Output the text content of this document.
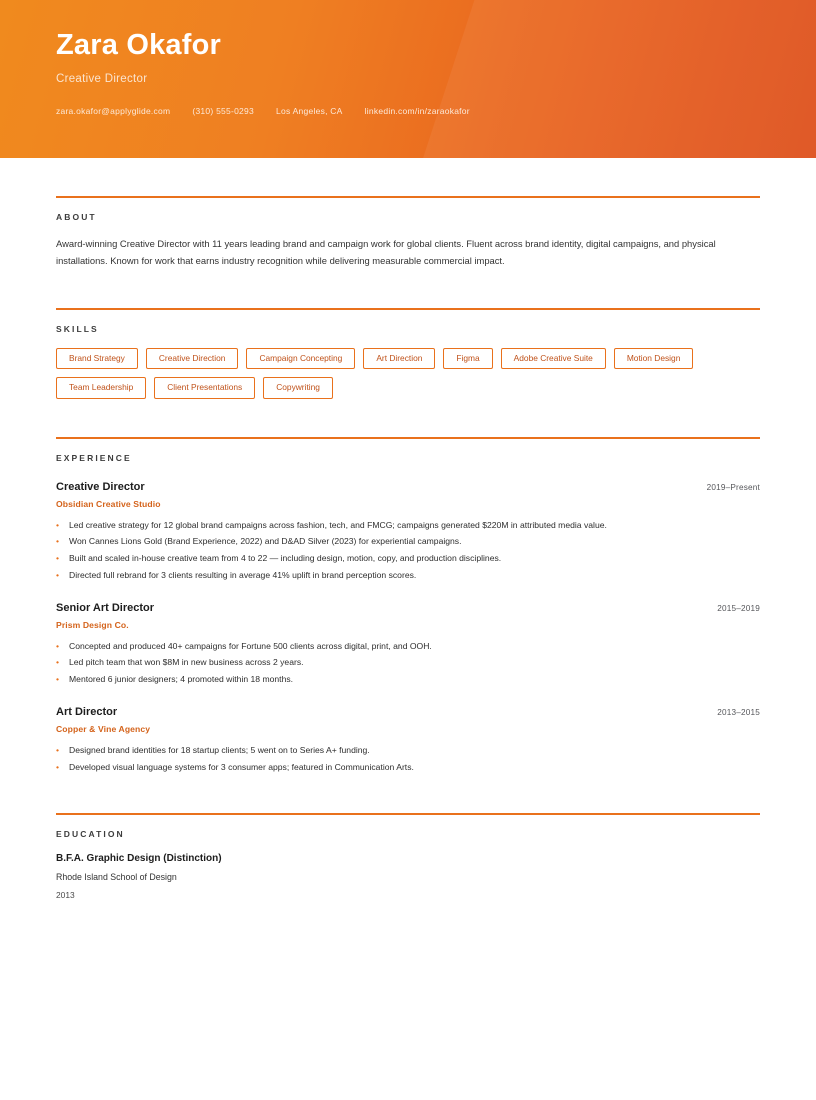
Zara Okafor
Creative Director
zara.okafor@applyglide.com	(310) 555-0293	Los Angeles, CA	linkedin.com/in/zaraokafor
ABOUT
Award-winning Creative Director with 11 years leading brand and campaign work for global clients. Fluent across brand identity, digital campaigns, and physical installations. Known for work that earns industry recognition while delivering measurable commercial impact.
SKILLS
Brand Strategy	Creative Direction	Campaign Concepting	Art Direction	Figma	Adobe Creative Suite	Motion Design
Team Leadership	Client Presentations	Copywriting
EXPERIENCE
Creative Director	2019–Present
Obsidian Creative Studio
•	Led creative strategy for 12 global brand campaigns across fashion, tech, and FMCG; campaigns generated $220M in attributed media value.
•	Won Cannes Lions Gold (Brand Experience, 2022) and D&AD Silver (2023) for experiential campaigns.
•	Built and scaled in-house creative team from 4 to 22 — including design, motion, copy, and production disciplines.
•	Directed full rebrand for 3 clients resulting in average 41% uplift in brand perception scores.
Senior Art Director	2015–2019
Prism Design Co.
•	Concepted and produced 40+ campaigns for Fortune 500 clients across digital, print, and OOH.
•	Led pitch team that won $8M in new business across 2 years.
•	Mentored 6 junior designers; 4 promoted within 18 months.
Art Director	2013–2015
Copper & Vine Agency
•	Designed brand identities for 18 startup clients; 5 went on to Series A+ funding.
•	Developed visual language systems for 3 consumer apps; featured in Communication Arts.
EDUCATION
B.F.A. Graphic Design (Distinction)
Rhode Island School of Design
2013
